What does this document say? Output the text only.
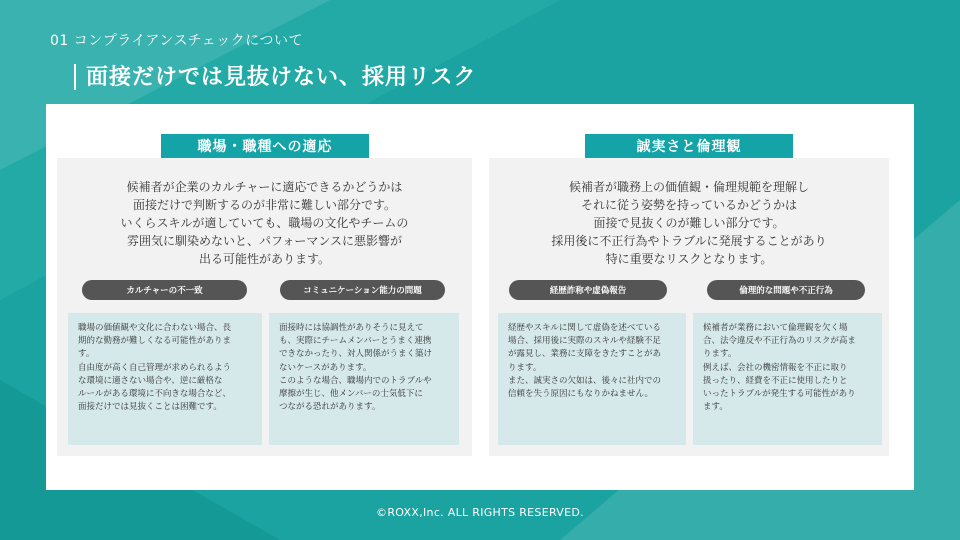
01 コンプライアンスチェックについて
面接だけでは見抜けない、採用リスク
職場・職種への適応
候補者が企業のカルチャーに適応できるかどうかは
面接だけで判断するのが非常に難しい部分です。
いくらスキルが適していても、職場の文化やチームの
雰囲気に馴染めないと、パフォーマンスに悪影響が
出る可能性があります。
カルチャーの不一致	コミュニケーション能力の問題
職場の価値観や文化に合わない場合、長
期的な勤務が難しくなる可能性がありま
す。
自由度が高く自己管理が求められるよう
な環境に適さない場合や、逆に厳格な
ルールがある環境に不向きな場合など、
面接だけでは見抜くことは困難です。
面接時には協調性がありそうに見えて
も、実際にチームメンバーとうまく連携
できなかったり、対人関係がうまく築け
ないケースがあります。
このような場合、職場内でのトラブルや
摩擦が生じ、他メンバーの士気低下に
つながる恐れがあります。
誠実さと倫理観
候補者が職務上の価値観・倫理規範を理解し
それに従う姿勢を持っているかどうかは
面接で見抜くのが難しい部分です。
採用後に不正行為やトラブルに発展することがあり
特に重要なリスクとなります。
経歴詐称や虚偽報告	倫理的な問題や不正行為
経歴やスキルに関して虚偽を述べている
場合、採用後に実際のスキルや経験不足
が露見し、業務に支障をきたすことがあ
ります。
また、誠実さの欠如は、後々に社内での
信頼を失う原因にもなりかねません。
候補者が業務において倫理観を欠く場
合、法令違反や不正行為のリスクが高ま
ります。
例えば、会社の機密情報を不正に取り
扱ったり、経費を不正に使用したりと
いったトラブルが発生する可能性があり
ます。
©ROXX,Inc. ALL RIGHTS RESERVED.
